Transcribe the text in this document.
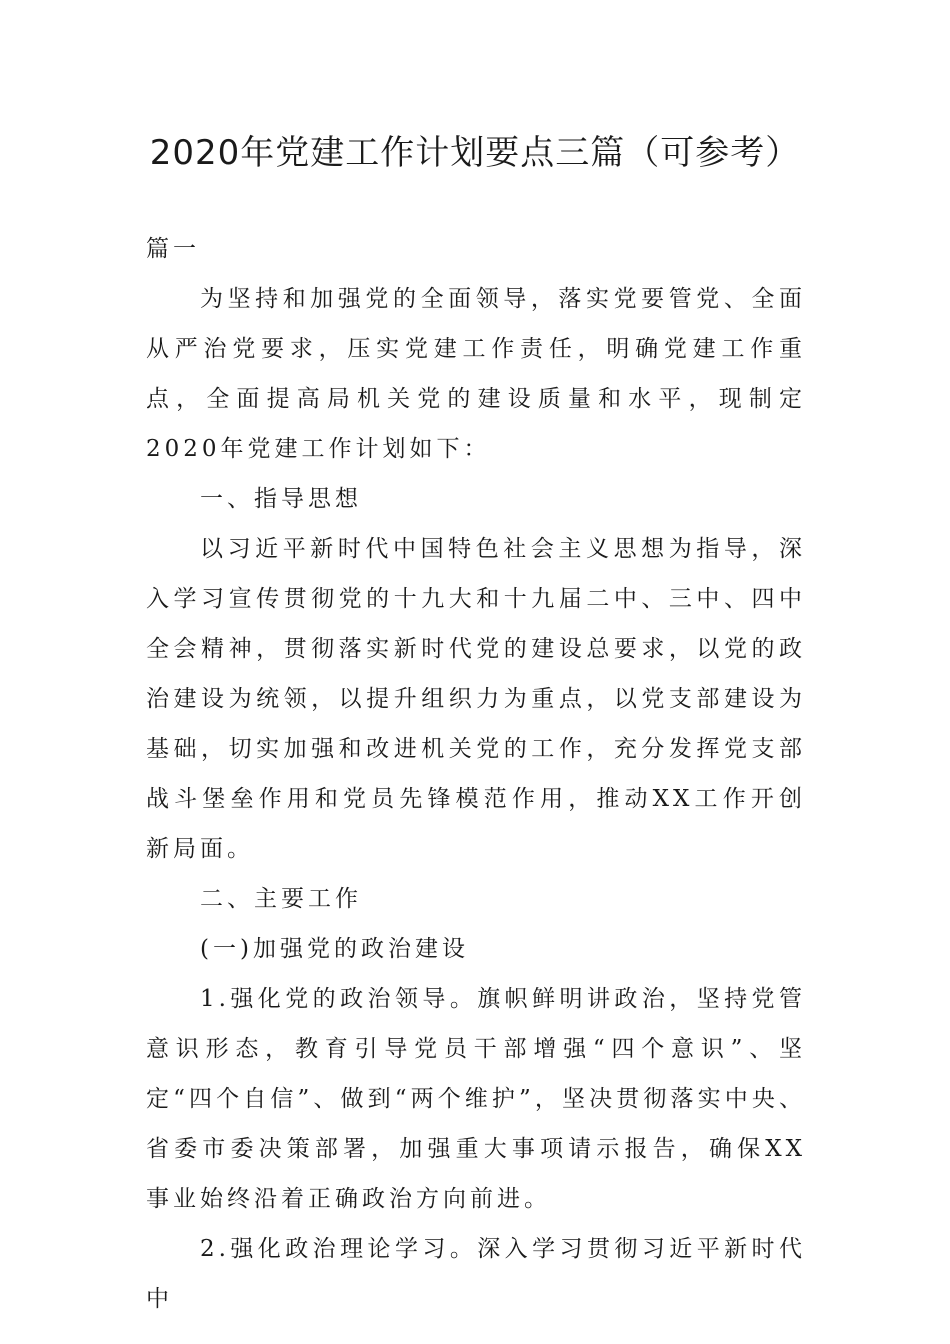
2020年党建工作计划要点三篇（可参考）

篇一

为坚持和加强党的全面领导，落实党要管党、全面从严治党要求，压实党建工作责任，明确党建工作重点，全面提高局机关党的建设质量和水平，现制定2020年党建工作计划如下：

一、指导思想

以习近平新时代中国特色社会主义思想为指导，深入学习宣传贯彻党的十九大和十九届二中、三中、四中全会精神，贯彻落实新时代党的建设总要求，以党的政治建设为统领，以提升组织力为重点，以党支部建设为基础，切实加强和改进机关党的工作，充分发挥党支部战斗堡垒作用和党员先锋模范作用，推动XX工作开创新局面。

二、主要工作

(一)加强党的政治建设

1.强化党的政治领导。旗帜鲜明讲政治，坚持党管意识形态，教育引导党员干部增强“四个意识”、坚定“四个自信”、做到“两个维护”，坚决贯彻落实中央、省委市委决策部署，加强重大事项请示报告，确保XX事业始终沿着正确政治方向前进。

2.强化政治理论学习。深入学习贯彻习近平新时代中
